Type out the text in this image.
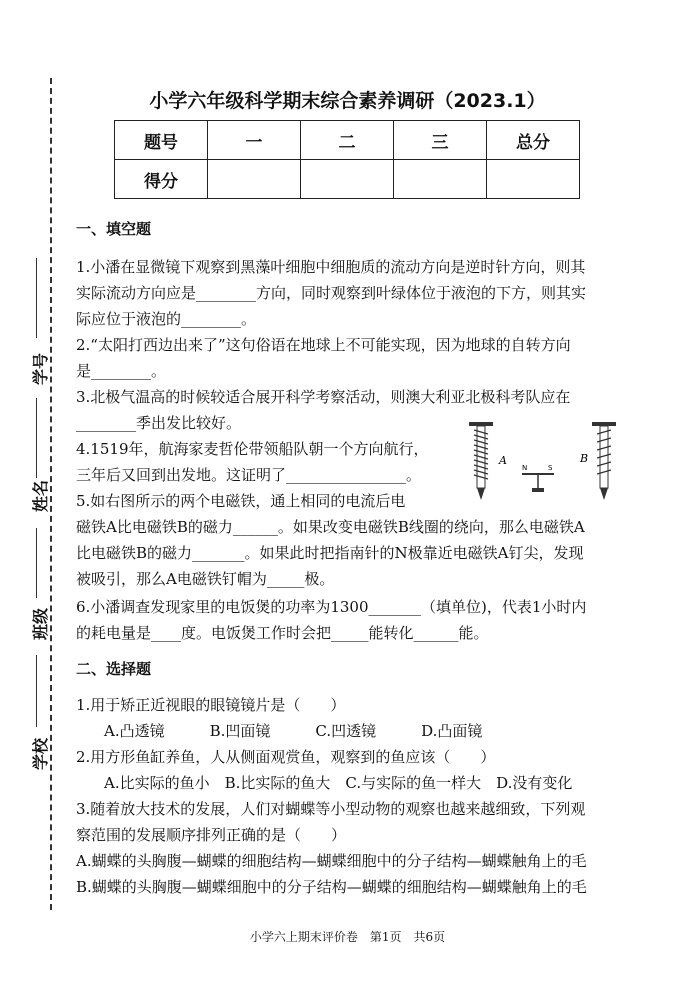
学号
姓名
班级
学校
小学六年级科学期末综合素养调研（2023.1）
题号	一	二	三	总分
得分				
一、填空题
1.小潘在显微镜下观察到黑藻叶细胞中细胞质的流动方向是逆时针方向，则其
实际流动方向应是________方向，同时观察到叶绿体位于液泡的下方，则其实
际应位于液泡的________。
2.“太阳打西边出来了”这句俗语在地球上不可能实现，因为地球的自转方向
是________。
3.北极气温高的时候较适合展开科学考察活动，则澳大利亚北极科考队应在
________季出发比较好。
4.1519年，航海家麦哲伦带领船队朝一个方向航行，
三年后又回到出发地。这证明了________________。
5.如右图所示的两个电磁铁，通上相同的电流后电
磁铁A比电磁铁B的磁力______。如果改变电磁铁B线圈的绕向，那么电磁铁A
比电磁铁B的磁力_______。如果此时把指南针的N极靠近电磁铁A钉尖，发现
被吸引，那么A电磁铁钉帽为_____极。
6.小潘调查发现家里的电饭煲的功率为1300_______（填单位)，代表1小时内
的耗电量是____度。电饭煲工作时会把_____能转化______能。
A
N	S
B
二、选择题
1.用于矫正近视眼的眼镜镜片是（　　）
A.凸透镜　　　B.凹面镜　　　C.凹透镜　　　D.凸面镜
2.用方形鱼缸养鱼，人从侧面观赏鱼，观察到的鱼应该（　　）
A.比实际的鱼小　B.比实际的鱼大　C.与实际的鱼一样大　D.没有变化
3.随着放大技术的发展，人们对蝴蝶等小型动物的观察也越来越细致，下列观
察范围的发展顺序排列正确的是（　　）
A.蝴蝶的头胸腹—蝴蝶的细胞结构—蝴蝶细胞中的分子结构—蝴蝶触角上的毛
B.蝴蝶的头胸腹—蝴蝶细胞中的分子结构—蝴蝶的细胞结构—蝴蝶触角上的毛
小学六上期末评价卷　第1页　共6页
